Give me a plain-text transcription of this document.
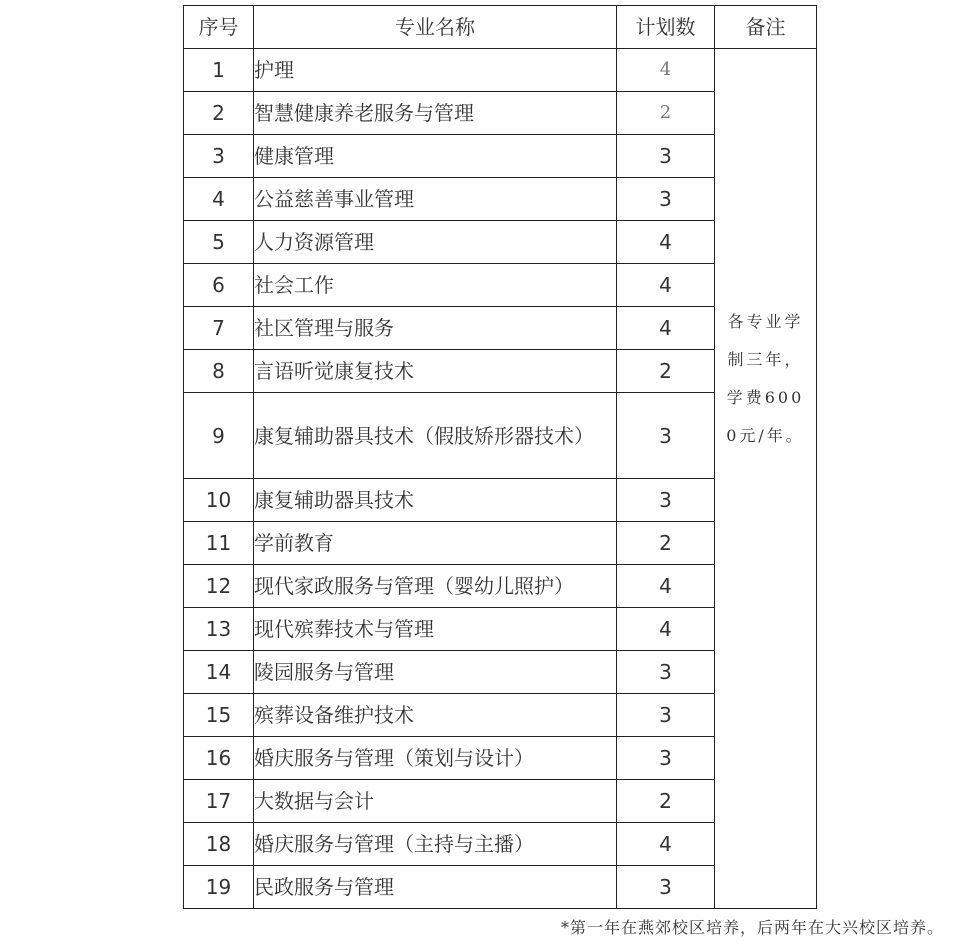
序号	专业名称	计划数	备注
1	护理	4	各专业学制三年，学费6000元/年。
2	智慧健康养老服务与管理	2	
3	健康管理	3	
4	公益慈善事业管理	3	
5	人力资源管理	4	
6	社会工作	4	
7	社区管理与服务	4	
8	言语听觉康复技术	2	
9	康复辅助器具技术（假肢矫形器技术）	3	
10	康复辅助器具技术	3	
11	学前教育	2	
12	现代家政服务与管理（婴幼儿照护）	4	
13	现代殡葬技术与管理	4	
14	陵园服务与管理	3	
15	殡葬设备维护技术	3	
16	婚庆服务与管理（策划与设计）	3	
17	大数据与会计	2	
18	婚庆服务与管理（主持与主播）	4	
19	民政服务与管理	3	
*第一年在燕郊校区培养，后两年在大兴校区培养。
